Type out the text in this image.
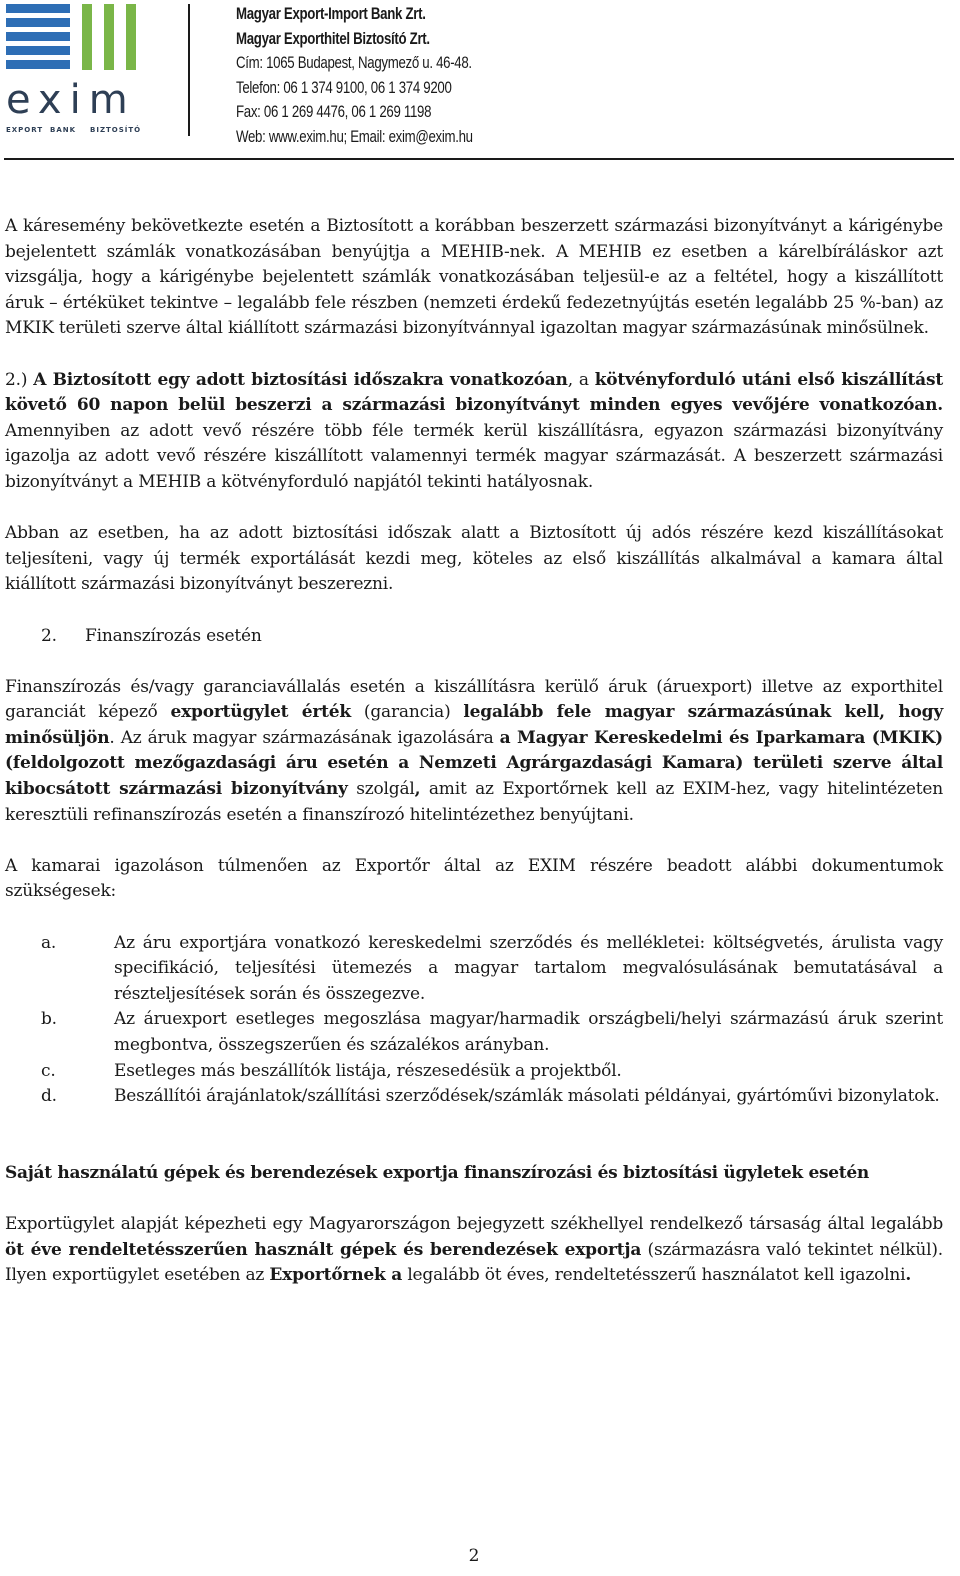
exim
EXPORT BANK BIZTOSÍTÓ
Magyar Export-Import Bank Zrt.
Magyar Exporthitel Biztosító Zrt.
Cím: 1065 Budapest, Nagymező u. 46-48.
Telefon: 06 1 374 9100, 06 1 374 9200
Fax: 06 1 269 4476, 06 1 269 1198
Web: www.exim.hu; Email: exim@exim.hu

A káresemény bekövetkezte esetén a Biztosított a korábban beszerzett származási bizonyítványt a kárigénybe bejelentett számlák vonatkozásában benyújtja a MEHIB-nek. A MEHIB ez esetben a kárelbíráláskor azt vizsgálja, hogy a kárigénybe bejelentett számlák vonatkozásában teljesül-e az a feltétel, hogy a kiszállított áruk – értéküket tekintve – legalább fele részben (nemzeti érdekű fedezetnyújtás esetén legalább 25 %-ban) az MKIK területi szerve által kiállított származási bizonyítvánnyal igazoltan magyar származásúnak minősülnek.

2.) A Biztosított egy adott biztosítási időszakra vonatkozóan, a kötvényforduló utáni első kiszállítást követő 60 napon belül beszerzi a származási bizonyítványt minden egyes vevőjére vonatkozóan. Amennyiben az adott vevő részére több féle termék kerül kiszállításra, egyazon származási bizonyítvány igazolja az adott vevő részére kiszállított valamennyi termék magyar származását. A beszerzett származási bizonyítványt a MEHIB a kötvényforduló napjától tekinti hatályosnak.

Abban az esetben, ha az adott biztosítási időszak alatt a Biztosított új adós részére kezd kiszállításokat teljesíteni, vagy új termék exportálását kezdi meg, köteles az első kiszállítás alkalmával a kamara által kiállított származási bizonyítványt beszerezni.

2. Finanszírozás esetén

Finanszírozás és/vagy garanciavállalás esetén a kiszállításra kerülő áruk (áruexport) illetve az exporthitel garanciát képező exportügylet érték (garancia) legalább fele magyar származásúnak kell, hogy minősüljön. Az áruk magyar származásának igazolására a Magyar Kereskedelmi és Iparkamara (MKIK) (feldolgozott mezőgazdasági áru esetén a Nemzeti Agrárgazdasági Kamara) területi szerve által kibocsátott származási bizonyítvány szolgál, amit az Exportőrnek kell az EXIM-hez, vagy hitelintézeten keresztüli refinanszírozás esetén a finanszírozó hitelintézethez benyújtani.

A kamarai igazoláson túlmenően az Exportőr által az EXIM részére beadott alábbi dokumentumok szükségesek:

a.	Az áru exportjára vonatkozó kereskedelmi szerződés és mellékletei: költségvetés, árulista vagy specifikáció, teljesítési ütemezés a magyar tartalom megvalósulásának bemutatásával a részteljesítések során és összegezve.
b.	Az áruexport esetleges megoszlása magyar/harmadik országbeli/helyi származású áruk szerint megbontva, összegszerűen és százalékos arányban.
c.	Esetleges más beszállítók listája, részesedésük a projektből.
d.	Beszállítói árajánlatok/szállítási szerződések/számlák másolati példányai, gyártóművi bizonylatok.
Saját használatú gépek és berendezések exportja finanszírozási és biztosítási ügyletek esetén

Exportügylet alapját képezheti egy Magyarországon bejegyzett székhellyel rendelkező társaság által legalább öt éve rendeltetésszerűen használt gépek és berendezések exportja (származásra való tekintet nélkül). Ilyen exportügylet esetében az Exportőrnek a legalább öt éves, rendeltetésszerű használatot kell igazolni.

2
